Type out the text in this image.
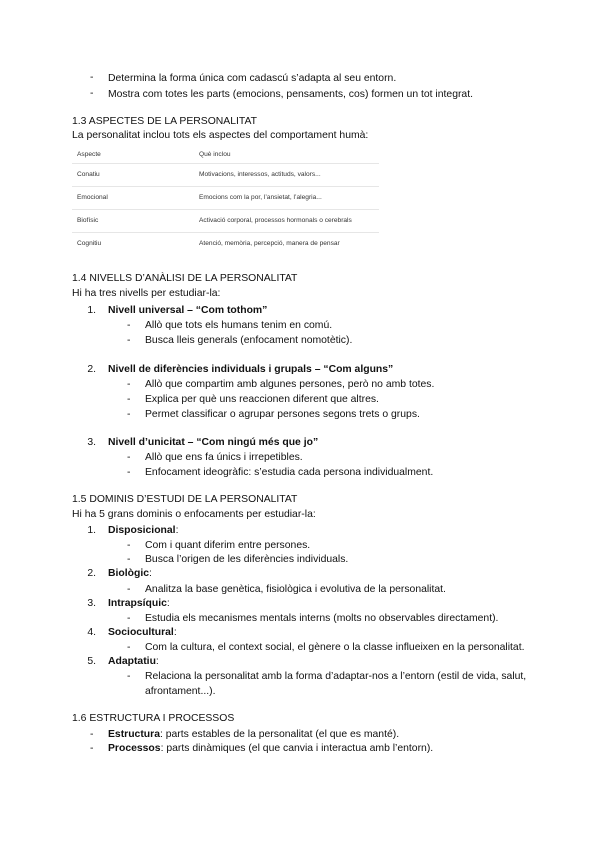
-	Determina la forma única com cadascú s’adapta al seu entorn.
-	Mostra com totes les parts (emocions, pensaments, cos) formen un tot integrat.
1.3 ASPECTES DE LA PERSONALITAT
La personalitat inclou tots els aspectes del comportament humà:
Aspecte	Què inclou
Conatiu	Motivacions, interessos, actituds, valors...
Emocional	Emocions com la por, l’ansietat, l’alegria...
Biofísic	Activació corporal, processos hormonals o cerebrals
Cognitiu	Atenció, memòria, percepció, manera de pensar
1.4 NIVELLS D’ANÀLISI DE LA PERSONALITAT
Hi ha tres nivells per estudiar-la:
1. Nivell universal – “Com tothom”
-	Allò que tots els humans tenim en comú.
-	Busca lleis generals (enfocament nomotètic).
2. Nivell de diferències individuals i grupals – “Com alguns”
-	Allò que compartim amb algunes persones, però no amb totes.
-	Explica per què uns reaccionen diferent que altres.
-	Permet classificar o agrupar persones segons trets o grups.
3. Nivell d’unicitat – “Com ningú més que jo”
-	Allò que ens fa únics i irrepetibles.
-	Enfocament ideogràfic: s’estudia cada persona individualment.
1.5 DOMINIS D’ESTUDI DE LA PERSONALITAT
Hi ha 5 grans dominis o enfocaments per estudiar-la:
1. Disposicional:
-	Com i quant diferim entre persones.
-	Busca l’origen de les diferències individuals.
2. Biològic:
-	Analitza la base genètica, fisiològica i evolutiva de la personalitat.
3. Intrapsíquic:
-	Estudia els mecanismes mentals interns (molts no observables directament).
4. Sociocultural:
-	Com la cultura, el context social, el gènere o la classe influeixen en la personalitat.
5. Adaptatiu:
-	Relaciona la personalitat amb la forma d’adaptar-nos a l’entorn (estil de vida, salut,
afrontament...).
1.6 ESTRUCTURA I PROCESSOS
-	Estructura: parts estables de la personalitat (el que es manté).
-	Processos: parts dinàmiques (el que canvia i interactua amb l’entorn).
